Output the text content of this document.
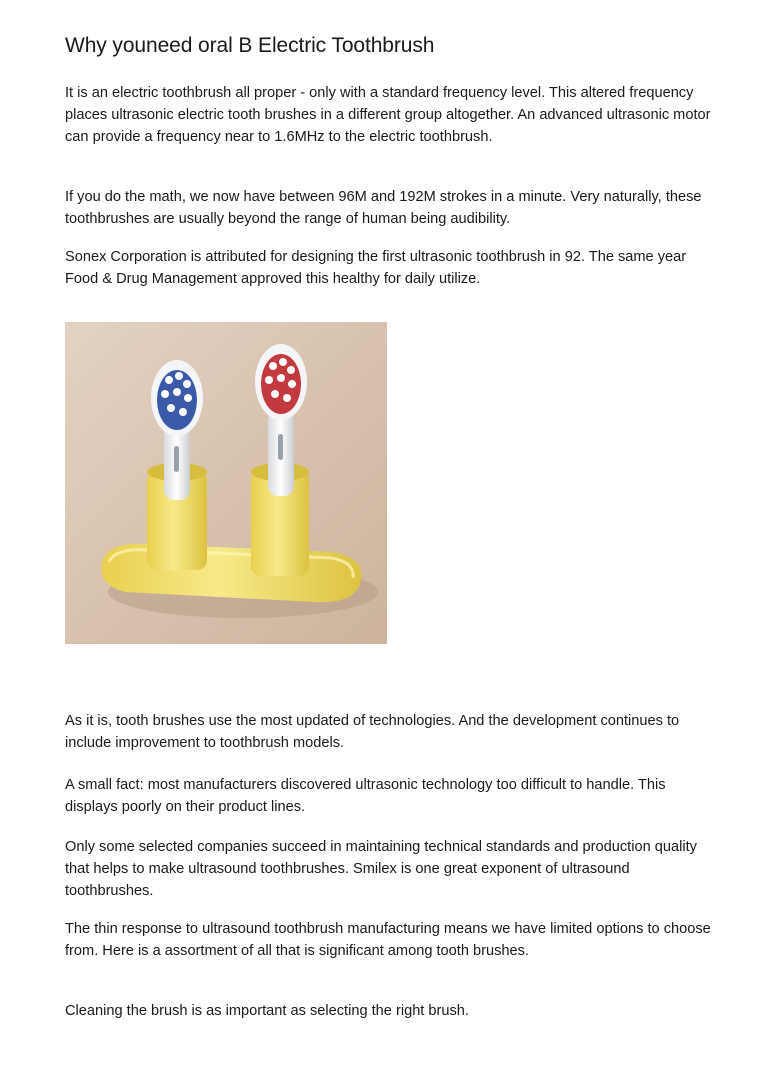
Why youneed oral B Electric Toothbrush

It is an electric toothbrush all proper - only with a standard frequency level. This altered frequency places ultrasonic electric tooth brushes in a different group altogether. An advanced ultrasonic motor can provide a frequency near to 1.6MHz to the electric toothbrush.

If you do the math, we now have between 96M and 192M strokes in a minute. Very naturally, these toothbrushes are usually beyond the range of human being audibility.

Sonex Corporation is attributed for designing the first ultrasonic toothbrush in 92. The same year Food & Drug Management approved this healthy for daily utilize.

As it is, tooth brushes use the most updated of technologies. And the development continues to include improvement to toothbrush models.

A small fact: most manufacturers discovered ultrasonic technology too difficult to handle. This displays poorly on their product lines.

Only some selected companies succeed in maintaining technical standards and production quality that helps to make ultrasound toothbrushes. Smilex is one great exponent of ultrasound toothbrushes.

The thin response to ultrasound toothbrush manufacturing means we have limited options to choose from. Here is a assortment of all that is significant among tooth brushes.

Cleaning the brush is as important as selecting the right brush.
